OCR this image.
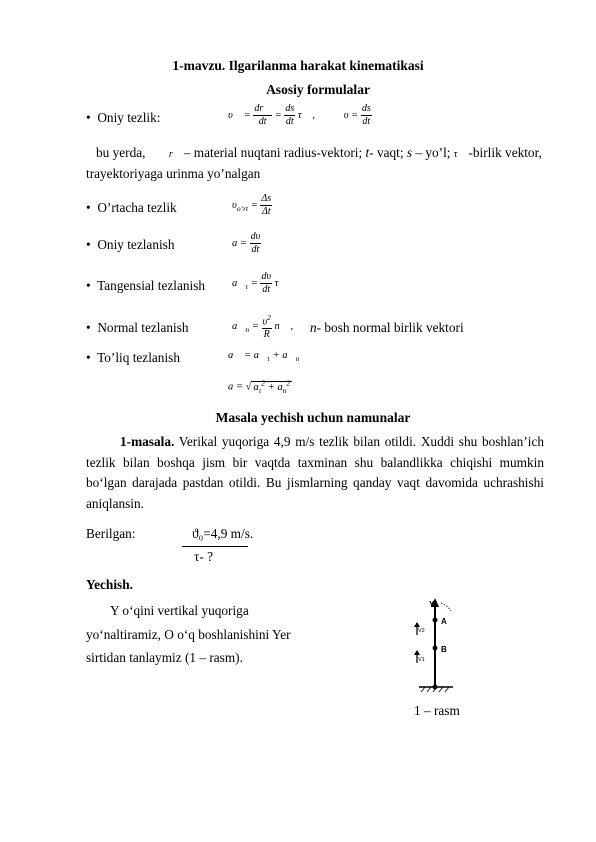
1-mavzu. Ilgarilanma harakat kinematikasi
Asosiy formulalar
• Oniy tezlik:	υ⃗ = $\frac{dr⃗}{dt} = \frac{ds}{dt}$ τ⃗ , $\upsilon = \frac{ds}{dt}$
bu yerda, r⃗ – material nuqtani radius-vektori; t- vaqt; s – yo’l; τ⃗ -birlik vektor,
trayektoriyaga urinma yo’nalgan
• O’rtacha tezlik	$\upsilon_{o‘rt} = \frac{\Delta s}{\Delta t}$
• Oniy tezlanish	$a = \frac{d\upsilon}{dt}$
• Tangensial tezlanish	$a⃗_\tau = \frac{d\upsilon}{dt}$ τ⃗
• Normal tezlanish	$a⃗_n = \frac{\upsilon^2}{R}$ n⃗ , n- bosh normal birlik vektori
• To’liq tezlanish	a⃗ = $a⃗_\tau$ + $a⃗_n$
a = √ $a_\tau^2 + a_n^2$
Masala yechish uchun namunalar
1-masala. Verikal yuqoriga 4,9 m/s tezlik bilan otildi. Xuddi shu boshlan’ich tezlik bilan boshqa jism bir vaqtda taxminan shu balandlikka chiqishi mumkin bo‘lgan darajada pastdan otildi. Bu jismlarning qanday vaqt davomida uchrashishi aniqlansin.
Berilgan:	ϑ₀=4,9 m/s.
τ- ?
Yechish.
Y o‘qini vertikal yuqoriga
yo‘naltiramiz, O o‘q boshlanishini Yer
sirtidan tanlaymiz (1 – rasm).
Y
A
B
V2
V1
1 – rasm
